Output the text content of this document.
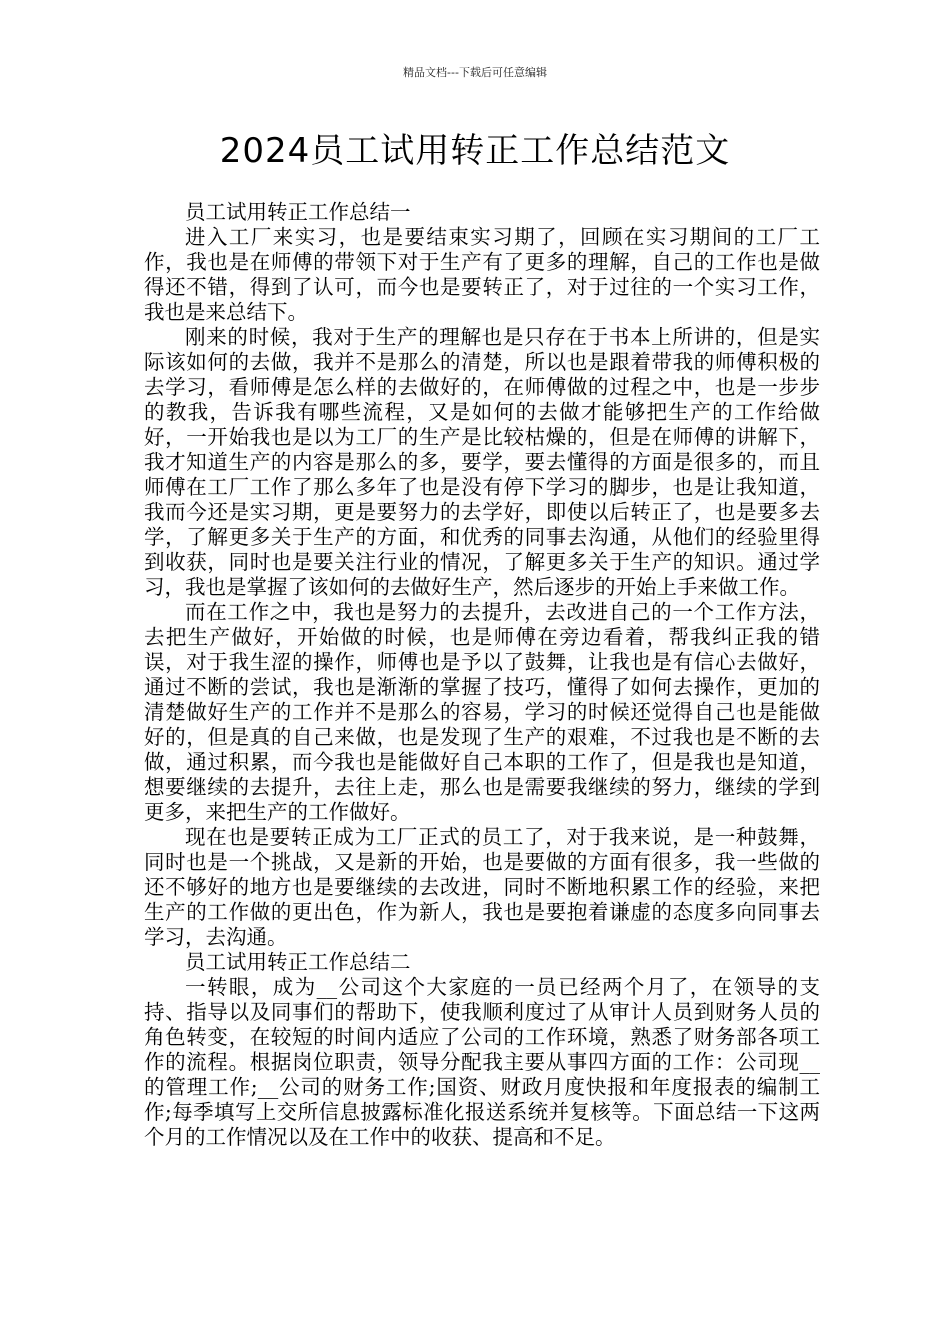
精品文档---下载后可任意编辑
2024员工试用转正工作总结范文

员工试用转正工作总结一

进入工厂来实习，也是要结束实习期了，回顾在实习期间的工厂工作，我也是在师傅的带领下对于生产有了更多的理解，自己的工作也是做得还不错，得到了认可，而今也是要转正了，对于过往的一个实习工作，我也是来总结下。

刚来的时候，我对于生产的理解也是只存在于书本上所讲的，但是实际该如何的去做，我并不是那么的清楚，所以也是跟着带我的师傅积极的去学习，看师傅是怎么样的去做好的，在师傅做的过程之中，也是一步步的教我，告诉我有哪些流程，又是如何的去做才能够把生产的工作给做好，一开始我也是以为工厂的生产是比较枯燥的，但是在师傅的讲解下，我才知道生产的内容是那么的多，要学，要去懂得的方面是很多的，而且师傅在工厂工作了那么多年了也是没有停下学习的脚步，也是让我知道，我而今还是实习期，更是要努力的去学好，即使以后转正了，也是要多去学，了解更多关于生产的方面，和优秀的同事去沟通，从他们的经验里得到收获，同时也是要关注行业的情况，了解更多关于生产的知识。通过学习，我也是掌握了该如何的去做好生产，然后逐步的开始上手来做工作。

而在工作之中，我也是努力的去提升，去改进自己的一个工作方法，去把生产做好，开始做的时候，也是师傅在旁边看着，帮我纠正我的错误，对于我生涩的操作，师傅也是予以了鼓舞，让我也是有信心去做好，通过不断的尝试，我也是渐渐的掌握了技巧，懂得了如何去操作，更加的清楚做好生产的工作并不是那么的容易，学习的时候还觉得自己也是能做好的，但是真的自己来做，也是发现了生产的艰难，不过我也是不断的去做，通过积累，而今我也是能做好自己本职的工作了，但是我也是知道，想要继续的去提升，去往上走，那么也是需要我继续的努力，继续的学到更多，来把生产的工作做好。

现在也是要转正成为工厂正式的员工了，对于我来说，是一种鼓舞，同时也是一个挑战，又是新的开始，也是要做的方面有很多，我一些做的还不够好的地方也是要继续的去改进，同时不断地积累工作的经验，来把生产的工作做的更出色，作为新人，我也是要抱着谦虚的态度多向同事去学习，去沟通。

员工试用转正工作总结二

一转眼，成为__公司这个大家庭的一员已经两个月了，在领导的支持、指导以及同事们的帮助下，使我顺利度过了从审计人员到财务人员的角色转变，在较短的时间内适应了公司的工作环境，熟悉了财务部各项工作的流程。根据岗位职责，领导分配我主要从事四方面的工作：公司现__的管理工作;__公司的财务工作;国资、财政月度快报和年度报表的编制工作;每季填写上交所信息披露标准化报送系统并复核等。下面总结一下这两个月的工作情况以及在工作中的收获、提高和不足。
